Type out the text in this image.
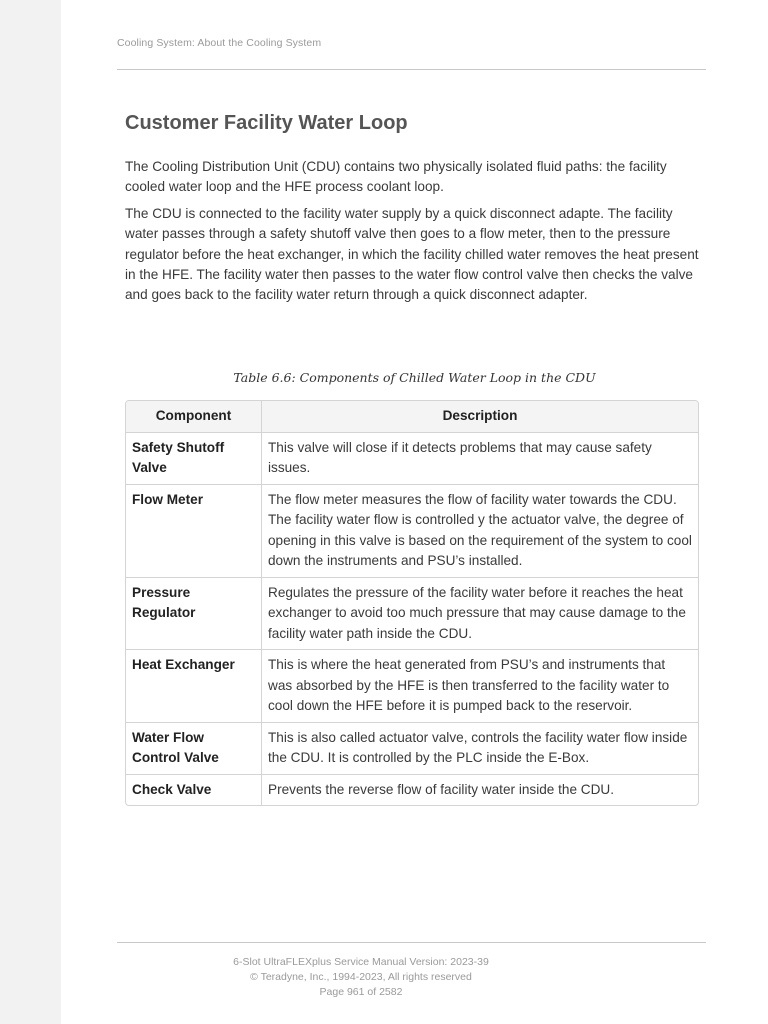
Cooling System: About the Cooling System
Customer Facility Water Loop

The Cooling Distribution Unit (CDU) contains two physically isolated fluid paths: the facility cooled water loop and the HFE process coolant loop.

The CDU is connected to the facility water supply by a quick disconnect adapte. The facility water passes through a safety shutoff valve then goes to a flow meter, then to the pressure regulator before the heat exchanger, in which the facility chilled water removes the heat present in the HFE. The facility water then passes to the water flow control valve then checks the valve and goes back to the facility water return through a quick disconnect adapter.

Table 6.6: Components of Chilled Water Loop in the CDU
Component	Description
Safety Shutoff Valve	This valve will close if it detects problems that may cause safety issues.
Flow Meter	The flow meter measures the flow of facility water towards the CDU. The facility water flow is controlled y the actuator valve, the degree of opening in this valve is based on the requirement of the system to cool down the instruments and PSU’s installed.
Pressure Regulator	Regulates the pressure of the facility water before it reaches the heat exchanger to avoid too much pressure that may cause damage to the facility water path inside the CDU.
Heat Exchanger	This is where the heat generated from PSU’s and instruments that was absorbed by the HFE is then transferred to the facility water to cool down the HFE before it is pumped back to the reservoir.
Water Flow Control Valve	This is also called actuator valve, controls the facility water flow inside the CDU. It is controlled by the PLC inside the E-Box.
Check Valve	Prevents the reverse flow of facility water inside the CDU.
6-Slot UltraFLEXplus Service Manual Version: 2023-39
© Teradyne, Inc., 1994-2023, All rights reserved
Page 961 of 2582
